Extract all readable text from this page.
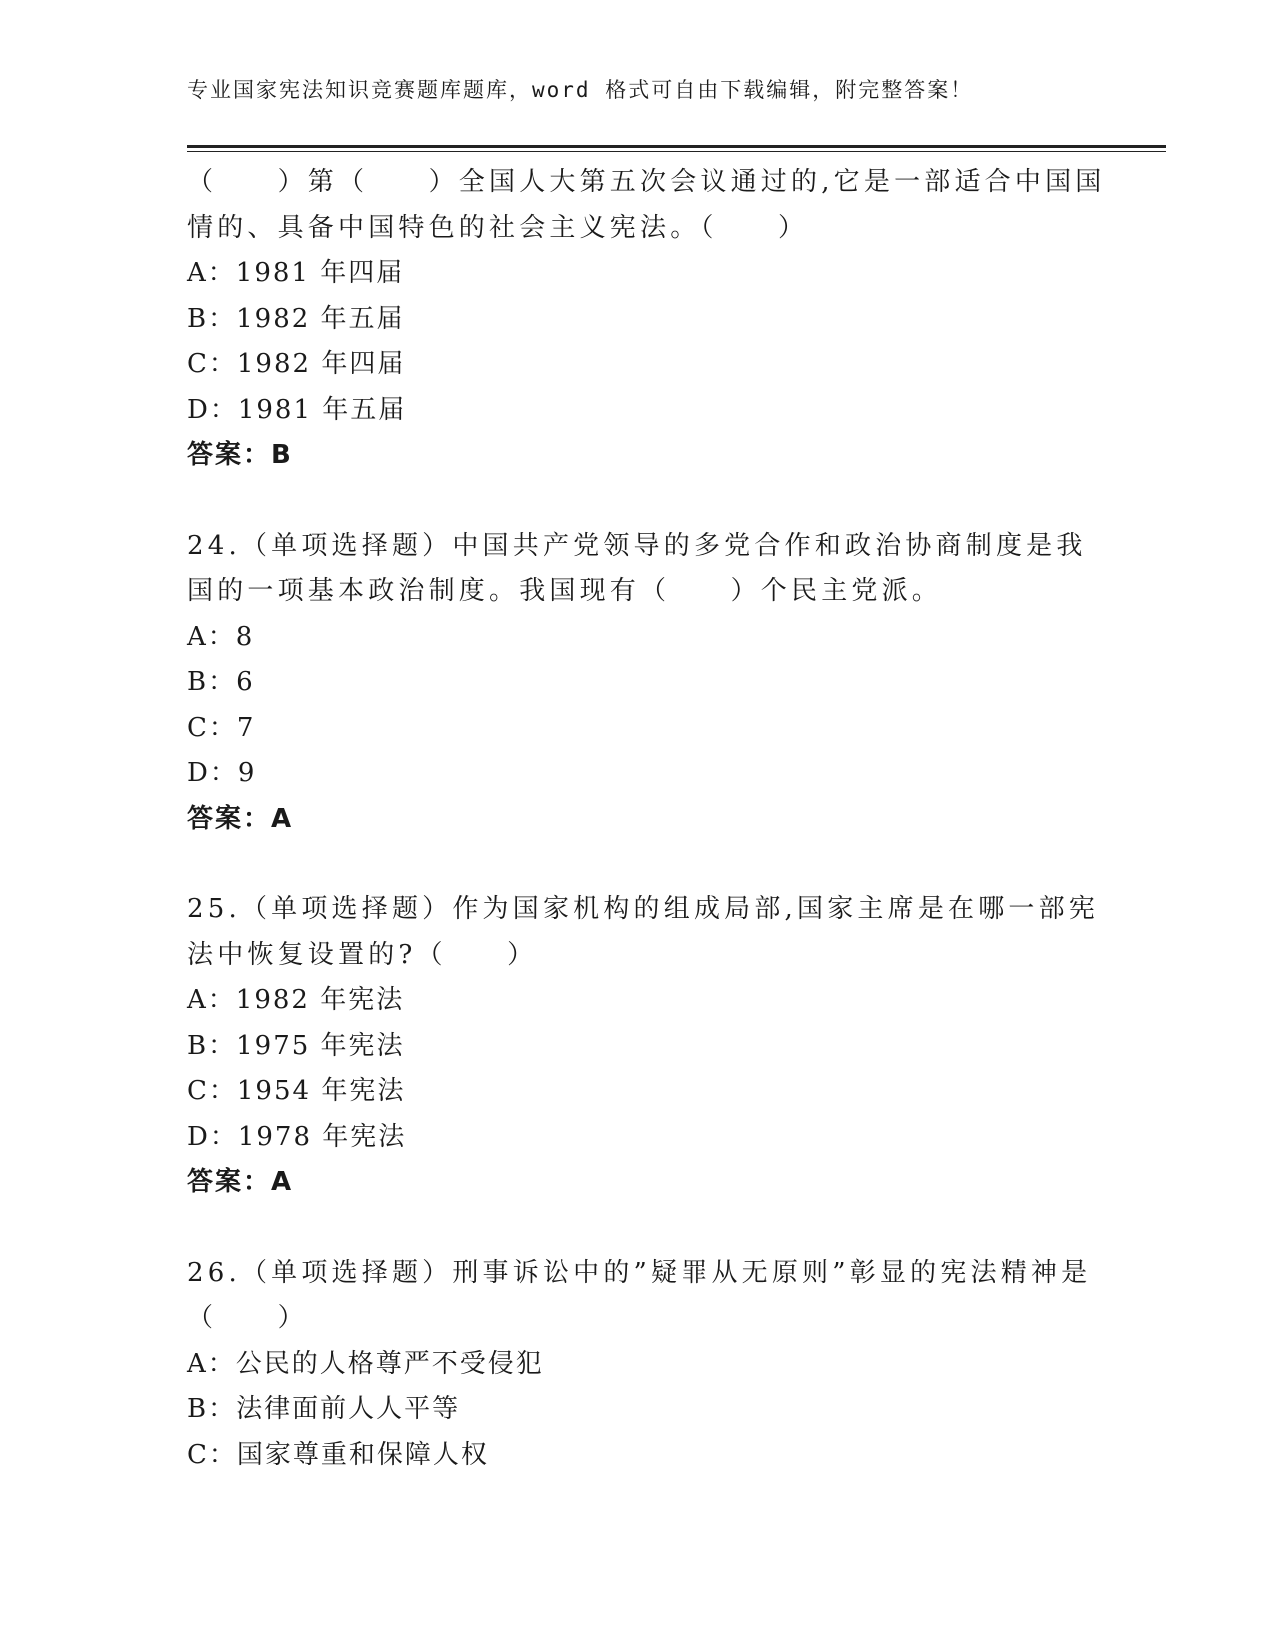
专业国家宪法知识竞赛题库题库，word 格式可自由下载编辑，附完整答案！

（　　）第（　　）全国人大第五次会议通过的,它是一部适合中国国情的、具备中国特色的社会主义宪法。（　　）

A：1981 年四届

B：1982 年五届

C：1982 年四届

D：1981 年五届

答案：B

24.（单项选择题）中国共产党领导的多党合作和政治协商制度是我国的一项基本政治制度。我国现有（　　）个民主党派。

A：8

B：6

C：7

D：9

答案：A

25.（单项选择题）作为国家机构的组成局部,国家主席是在哪一部宪法中恢复设置的?（　　）

A：1982 年宪法

B：1975 年宪法

C：1954 年宪法

D：1978 年宪法

答案：A

26.（单项选择题）刑事诉讼中的”疑罪从无原则”彰显的宪法精神是（　　）

A：公民的人格尊严不受侵犯

B：法律面前人人平等

C：国家尊重和保障人权
